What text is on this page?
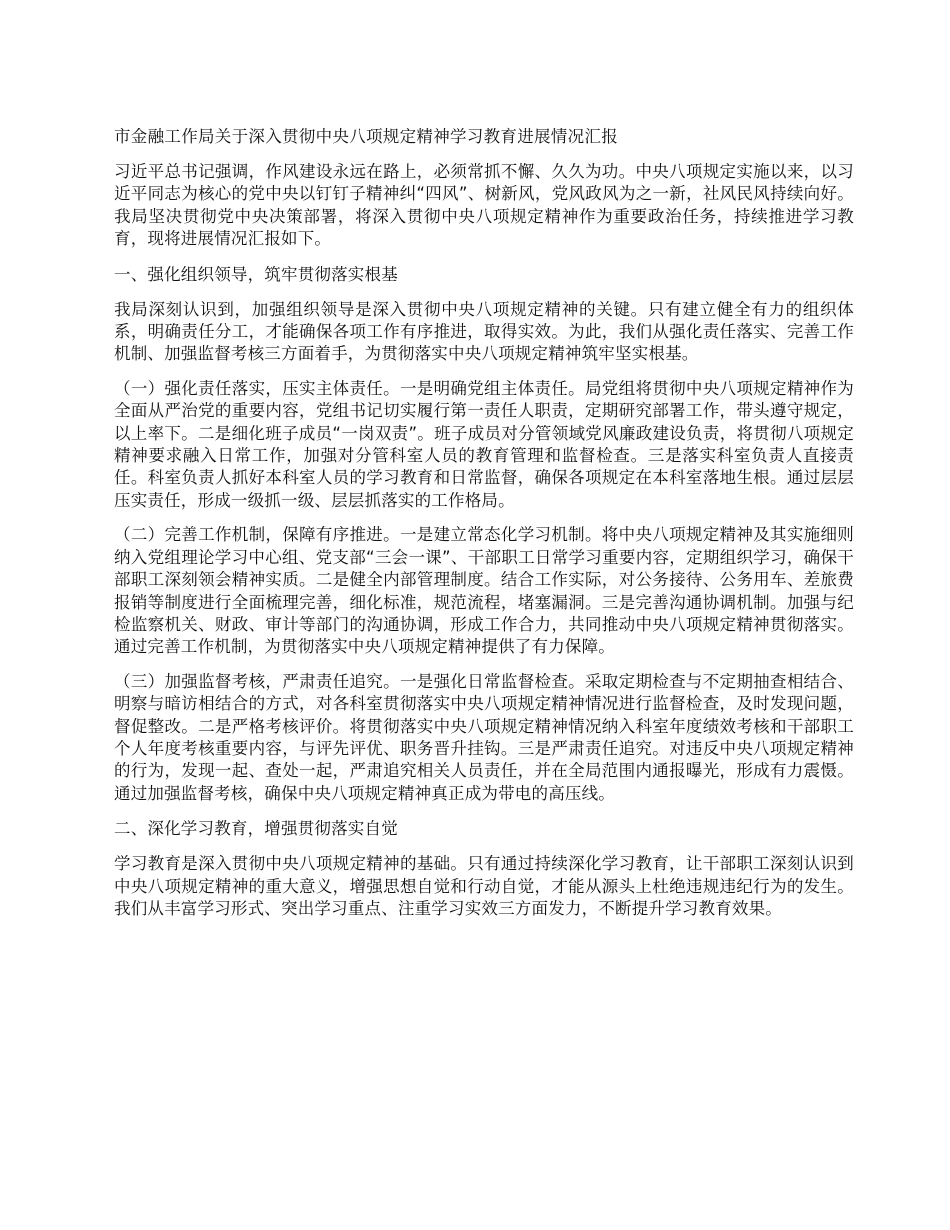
市金融工作局关于深入贯彻中央八项规定精神学习教育进展情况汇报

习近平总书记强调，作风建设永远在路上，必须常抓不懈、久久为功。中央八项规定实施以来，以习近平同志为核心的党中央以钉钉子精神纠“四风”、树新风，党风政风为之一新，社风民风持续向好。我局坚决贯彻党中央决策部署，将深入贯彻中央八项规定精神作为重要政治任务，持续推进学习教育，现将进展情况汇报如下。

一、强化组织领导，筑牢贯彻落实根基

我局深刻认识到，加强组织领导是深入贯彻中央八项规定精神的关键。只有建立健全有力的组织体系，明确责任分工，才能确保各项工作有序推进，取得实效。为此，我们从强化责任落实、完善工作机制、加强监督考核三方面着手，为贯彻落实中央八项规定精神筑牢坚实根基。

（一）强化责任落实，压实主体责任。一是明确党组主体责任。局党组将贯彻中央八项规定精神作为全面从严治党的重要内容，党组书记切实履行第一责任人职责，定期研究部署工作，带头遵守规定，以上率下。二是细化班子成员“一岗双责”。班子成员对分管领域党风廉政建设负责，将贯彻八项规定精神要求融入日常工作，加强对分管科室人员的教育管理和监督检查。三是落实科室负责人直接责任。科室负责人抓好本科室人员的学习教育和日常监督，确保各项规定在本科室落地生根。通过层层压实责任，形成一级抓一级、层层抓落实的工作格局。

（二）完善工作机制，保障有序推进。一是建立常态化学习机制。将中央八项规定精神及其实施细则纳入党组理论学习中心组、党支部“三会一课”、干部职工日常学习重要内容，定期组织学习，确保干部职工深刻领会精神实质。二是健全内部管理制度。结合工作实际，对公务接待、公务用车、差旅费报销等制度进行全面梳理完善，细化标准，规范流程，堵塞漏洞。三是完善沟通协调机制。加强与纪检监察机关、财政、审计等部门的沟通协调，形成工作合力，共同推动中央八项规定精神贯彻落实。通过完善工作机制，为贯彻落实中央八项规定精神提供了有力保障。

（三）加强监督考核，严肃责任追究。一是强化日常监督检查。采取定期检查与不定期抽查相结合、明察与暗访相结合的方式，对各科室贯彻落实中央八项规定精神情况进行监督检查，及时发现问题，督促整改。二是严格考核评价。将贯彻落实中央八项规定精神情况纳入科室年度绩效考核和干部职工个人年度考核重要内容，与评先评优、职务晋升挂钩。三是严肃责任追究。对违反中央八项规定精神的行为，发现一起、查处一起，严肃追究相关人员责任，并在全局范围内通报曝光，形成有力震慑。通过加强监督考核，确保中央八项规定精神真正成为带电的高压线。

二、深化学习教育，增强贯彻落实自觉

学习教育是深入贯彻中央八项规定精神的基础。只有通过持续深化学习教育，让干部职工深刻认识到中央八项规定精神的重大意义，增强思想自觉和行动自觉，才能从源头上杜绝违规违纪行为的发生。我们从丰富学习形式、突出学习重点、注重学习实效三方面发力，不断提升学习教育效果。
